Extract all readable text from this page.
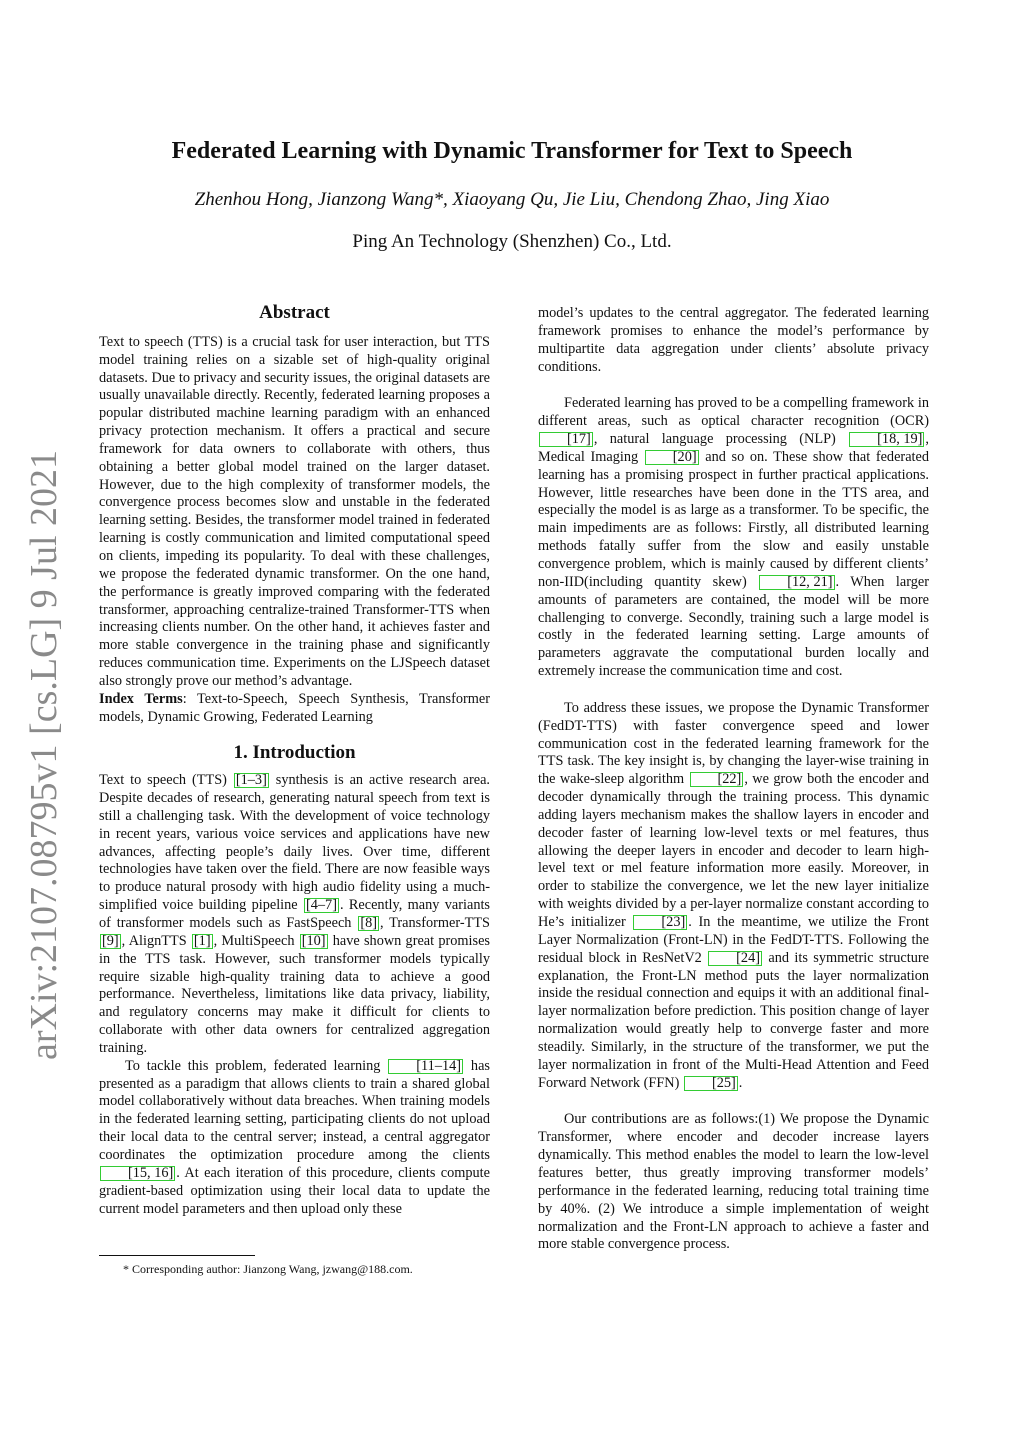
arXiv:2107.08795v1 [cs.LG] 9 Jul 2021
Federated Learning with Dynamic Transformer for Text to Speech
Zhenhou Hong, Jianzong Wang*, Xiaoyang Qu, Jie Liu, Chendong Zhao, Jing Xiao
Ping An Technology (Shenzhen) Co., Ltd.
Abstract

Text to speech (TTS) is a crucial task for user interaction, but TTS model training relies on a sizable set of high-quality original datasets. Due to privacy and security issues, the original datasets are usually unavailable directly. Recently, federated learning proposes a popular distributed machine learning paradigm with an enhanced privacy protection mechanism. It offers a practical and secure framework for data owners to collaborate with others, thus obtaining a better global model trained on the larger dataset. However, due to the high complexity of transformer models, the convergence process becomes slow and unstable in the federated learning setting. Besides, the transformer model trained in federated learning is costly communication and limited computational speed on clients, impeding its popularity. To deal with these challenges, we propose the federated dynamic transformer. On the one hand, the performance is greatly improved comparing with the federated transformer, approaching centralize-trained Transformer-TTS when increasing clients number. On the other hand, it achieves faster and more stable convergence in the training phase and significantly reduces communication time. Experiments on the LJSpeech dataset also strongly prove our method’s advantage.

Index Terms: Text-to-Speech, Speech Synthesis, Transformer models, Dynamic Growing, Federated Learning

1. Introduction

Text to speech (TTS) [1–3] synthesis is an active research area. Despite decades of research, generating natural speech from text is still a challenging task. With the development of voice technology in recent years, various voice services and applications have new advances, affecting people’s daily lives. Over time, different technologies have taken over the field. There are now feasible ways to produce natural prosody with high audio fidelity using a much-simplified voice building pipeline [4–7] . Recently, many variants of transformer models such as FastSpeech [8] , Transformer-TTS [9] , AlignTTS [1] , MultiSpeech [10] have shown great promises in the TTS task. However, such transformer models typically require sizable high-quality training data to achieve a good performance. Nevertheless, limitations like data privacy, liability, and regulatory concerns may make it difficult for clients to collaborate with other data owners for centralized aggregation training.

To tackle this problem, federated learning [11–14] has presented as a paradigm that allows clients to train a shared global model collaboratively without data breaches. When training models in the federated learning setting, participating clients do not upload their local data to the central server; instead, a central aggregator coordinates the optimization procedure among the clients [15, 16] . At each iteration of this procedure, clients compute gradient-based optimization using their local data to update the current model parameters and then upload only these

* Corresponding author: Jianzong Wang, jzwang@188.com.

model’s updates to the central aggregator. The federated learning framework promises to enhance the model’s performance by multipartite data aggregation under clients’ absolute privacy conditions.

Federated learning has proved to be a compelling framework in different areas, such as optical character recognition (OCR) [17] , natural language processing (NLP) [18, 19] , Medical Imaging [20] and so on. These show that federated learning has a promising prospect in further practical applications. However, little researches have been done in the TTS area, and especially the model is as large as a transformer. To be specific, the main impediments are as follows: Firstly, all distributed learning methods fatally suffer from the slow and easily unstable convergence problem, which is mainly caused by different clients’ non-IID(including quantity skew) [12, 21] . When larger amounts of parameters are contained, the model will be more challenging to converge. Secondly, training such a large model is costly in the federated learning setting. Large amounts of parameters aggravate the computational burden locally and extremely increase the communication time and cost.

To address these issues, we propose the Dynamic Transformer (FedDT-TTS) with faster convergence speed and lower communication cost in the federated learning framework for the TTS task. The key insight is, by changing the layer-wise training in the wake-sleep algorithm [22] , we grow both the encoder and decoder dynamically through the training process. This dynamic adding layers mechanism makes the shallow layers in encoder and decoder faster of learning low-level texts or mel features, thus allowing the deeper layers in encoder and decoder to learn high-level text or mel feature information more easily. Moreover, in order to stabilize the convergence, we let the new layer initialize with weights divided by a per-layer normalize constant according to He’s initializer [23] . In the meantime, we utilize the Front Layer Normalization (Front-LN) in the FedDT-TTS. Following the residual block in ResNetV2 [24] and its symmetric structure explanation, the Front-LN method puts the layer normalization inside the residual connection and equips it with an additional final-layer normalization before prediction. This position change of layer normalization would greatly help to converge faster and more steadily. Similarly, in the structure of the transformer, we put the layer normalization in front of the Multi-Head Attention and Feed Forward Network (FFN) [25] .

Our contributions are as follows:(1) We propose the Dynamic Transformer, where encoder and decoder increase layers dynamically. This method enables the model to learn the low-level features better, thus greatly improving transformer models’ performance in the federated learning, reducing total training time by 40%. (2) We introduce a simple implementation of weight normalization and the Front-LN approach to achieve a faster and more stable convergence process.
